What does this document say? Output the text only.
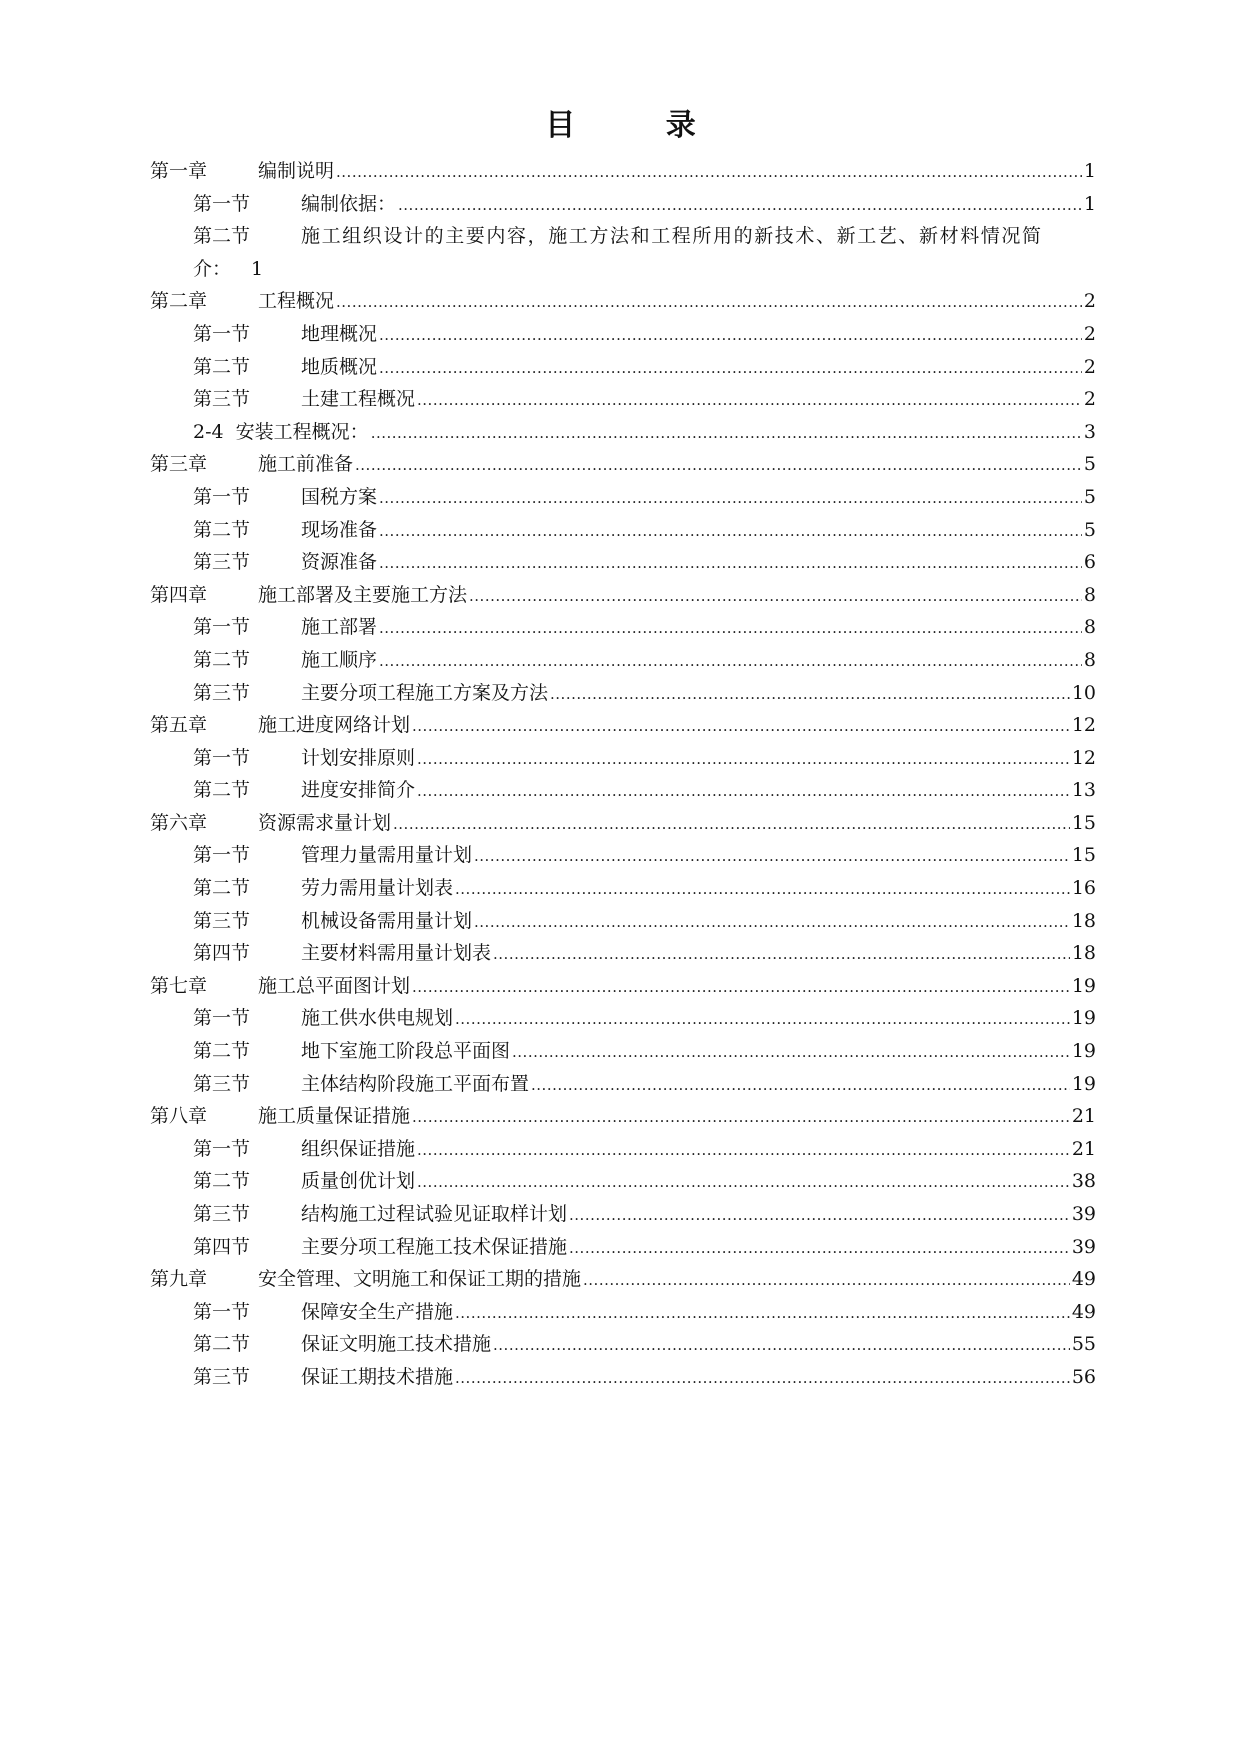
目 录
第一章	编制说明 .....	1
第一节	编制依据： .....	1
第二节	施工组织设计的主要内容，施工方法和工程所用的新技术、新工艺、新材料情况简
介： 1
第二章	工程概况 .....	2
第一节	地理概况 .....	2
第二节	地质概况 .....	2
第三节	土建工程概况 .....	2
2-4  安装工程概况： .....	3
第三章	施工前准备 .....	5
第一节	国税方案 .....	5
第二节	现场准备 .....	5
第三节	资源准备 .....	6
第四章	施工部署及主要施工方法 .....	8
第一节	施工部署 .....	8
第二节	施工顺序 .....	8
第三节	主要分项工程施工方案及方法 .....	10
第五章	施工进度网络计划 .....	12
第一节	计划安排原则 .....	12
第二节	进度安排简介 .....	13
第六章	资源需求量计划 .....	15
第一节	管理力量需用量计划 .....	15
第二节	劳力需用量计划表 .....	16
第三节	机械设备需用量计划 .....	18
第四节	主要材料需用量计划表 .....	18
第七章	施工总平面图计划 .....	19
第一节	施工供水供电规划 .....	19
第二节	地下室施工阶段总平面图 .....	19
第三节	主体结构阶段施工平面布置 .....	19
第八章	施工质量保证措施 .....	21
第一节	组织保证措施 .....	21
第二节	质量创优计划 .....	38
第三节	结构施工过程试验见证取样计划 .....	39
第四节	主要分项工程施工技术保证措施 .....	39
第九章	安全管理、文明施工和保证工期的措施 .....	49
第一节	保障安全生产措施 .....	49
第二节	保证文明施工技术措施 .....	55
第三节	保证工期技术措施 .....	56
